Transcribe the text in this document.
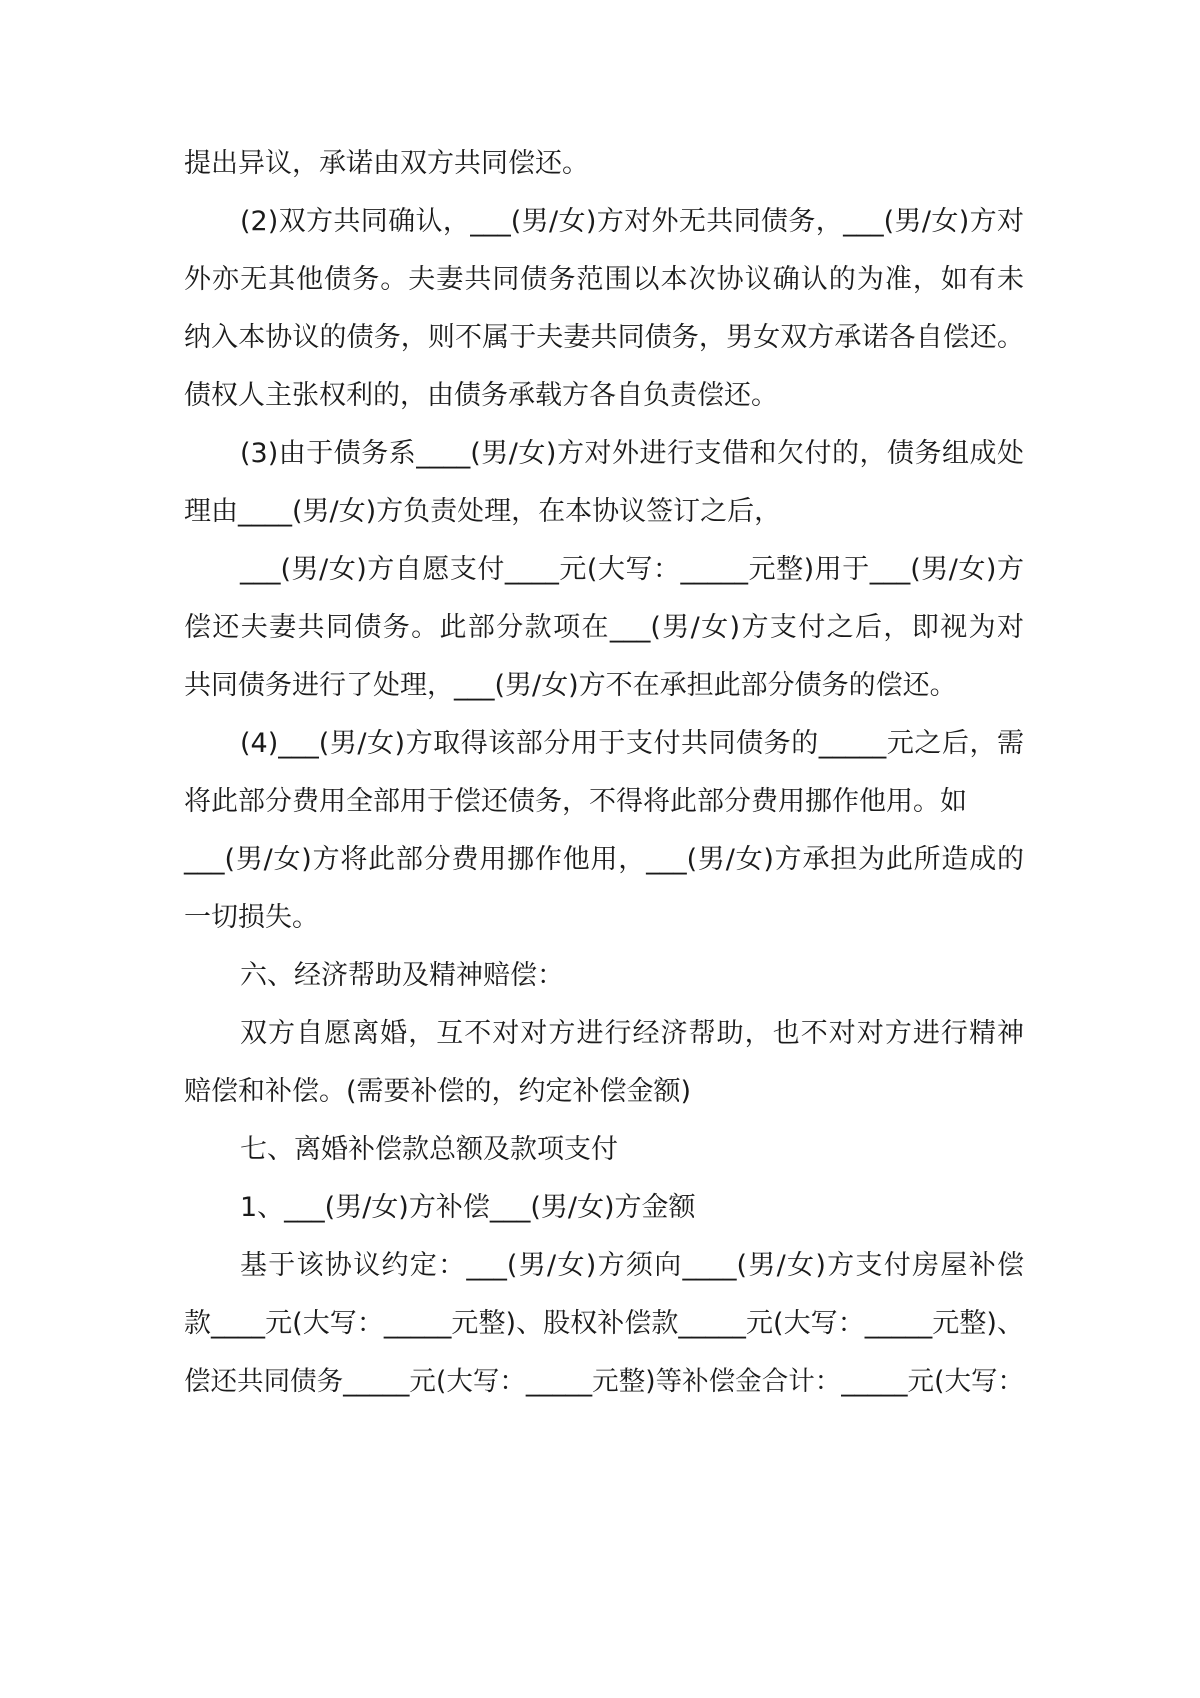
提出异议，承诺由双方共同偿还。
(2)双方共同确认，___(男/女)方对外无共同债务，___(男/女)方对
外亦无其他债务。夫妻共同债务范围以本次协议确认的为准，如有未
纳入本协议的债务，则不属于夫妻共同债务，男女双方承诺各自偿还。
债权人主张权利的，由债务承载方各自负责偿还。
(3)由于债务系____(男/女)方对外进行支借和欠付的，债务组成处
理由____(男/女)方负责处理，在本协议签订之后，
___(男/女)方自愿支付____元(大写：_____元整)用于___(男/女)方
偿还夫妻共同债务。此部分款项在___(男/女)方支付之后，即视为对
共同债务进行了处理，___(男/女)方不在承担此部分债务的偿还。
(4)___(男/女)方取得该部分用于支付共同债务的_____元之后，需
将此部分费用全部用于偿还债务，不得将此部分费用挪作他用。如
___(男/女)方将此部分费用挪作他用，___(男/女)方承担为此所造成的
一切损失。
六、经济帮助及精神赔偿：
双方自愿离婚，互不对对方进行经济帮助，也不对对方进行精神
赔偿和补偿。(需要补偿的，约定补偿金额)
七、离婚补偿款总额及款项支付
1、___(男/女)方补偿___(男/女)方金额
基于该协议约定：___(男/女)方须向____(男/女)方支付房屋补偿
款____元(大写：_____元整)、股权补偿款_____元(大写：_____元整)、
偿还共同债务_____元(大写：_____元整)等补偿金合计：_____元(大写：
